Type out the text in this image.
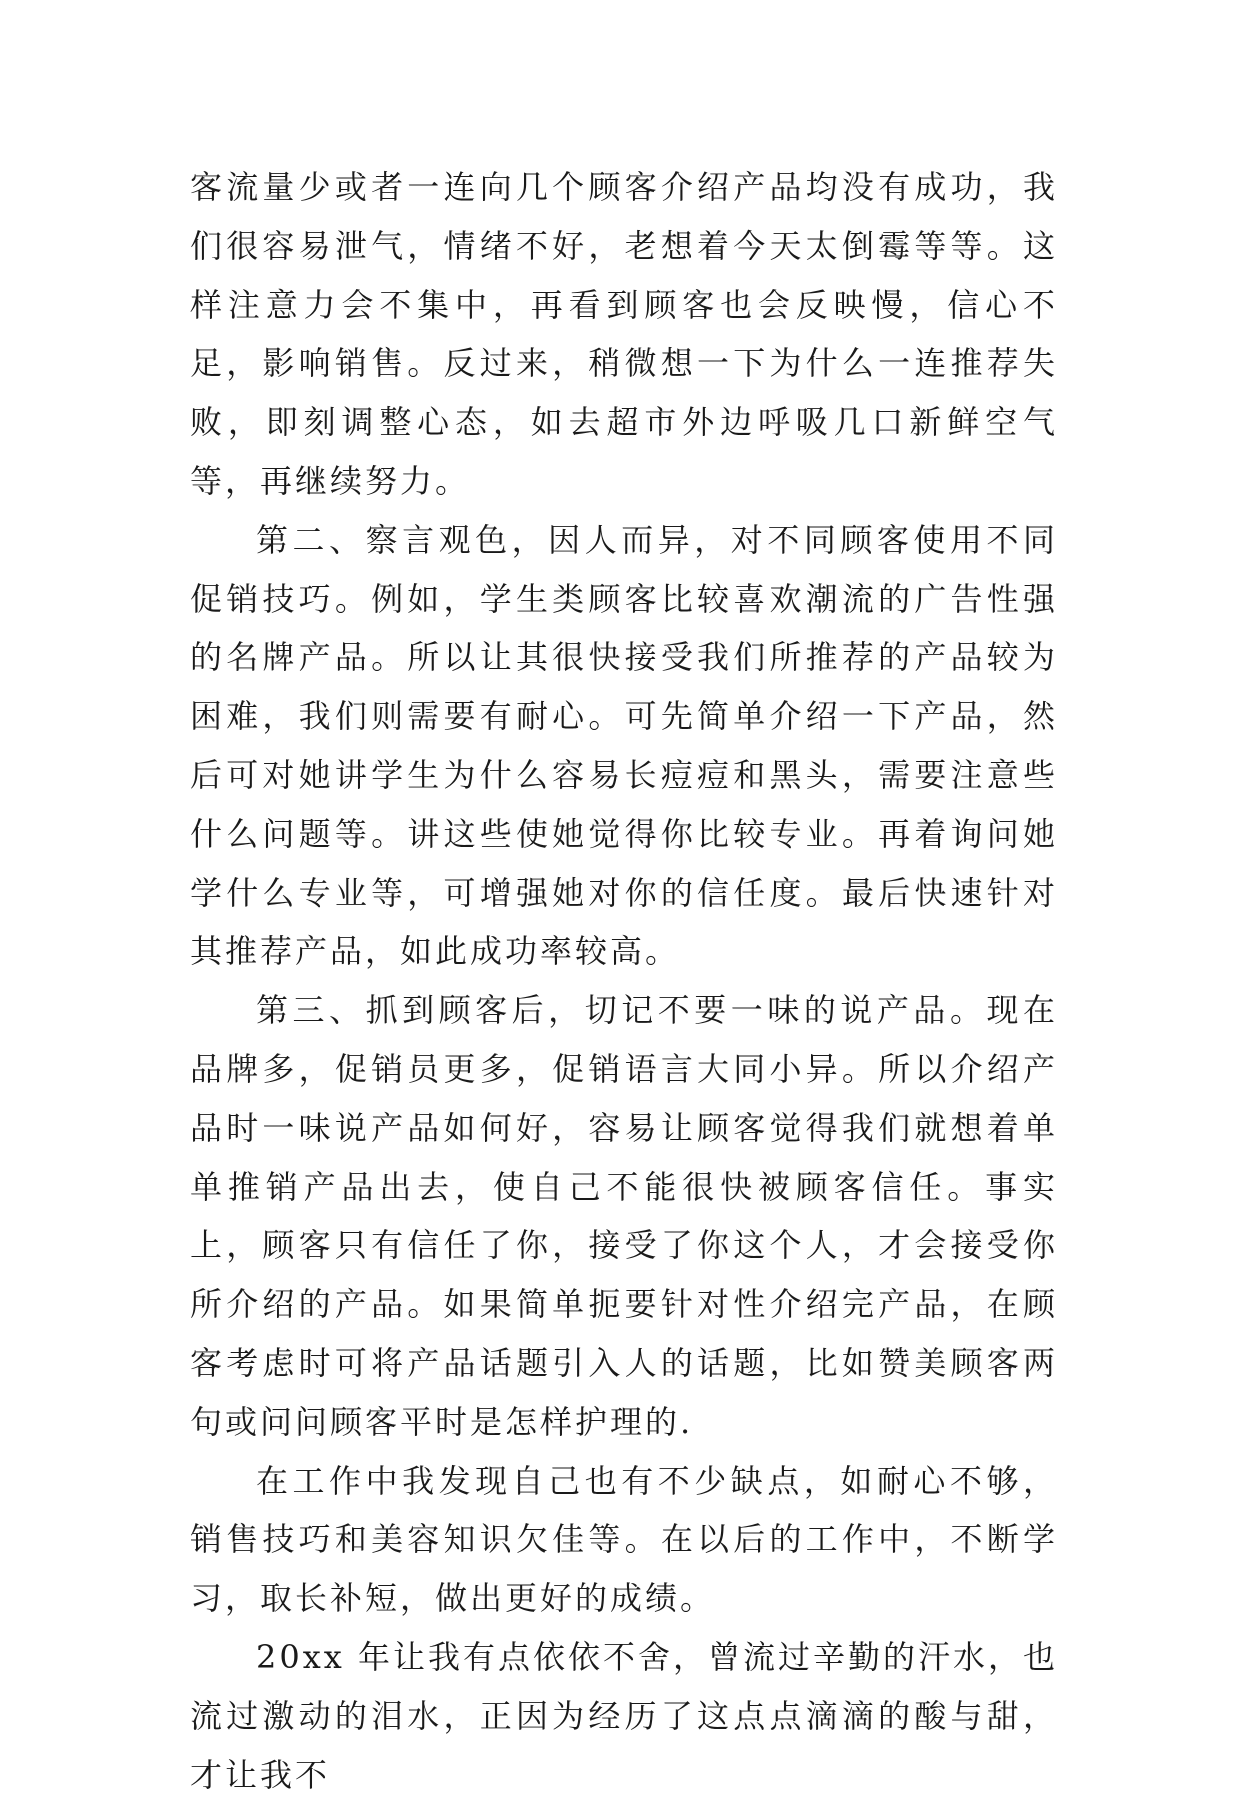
客流量少或者一连向几个顾客介绍产品均没有成功，我们很容易泄气，情绪不好，老想着今天太倒霉等等。这样注意力会不集中，再看到顾客也会反映慢，信心不足，影响销售。反过来，稍微想一下为什么一连推荐失败，即刻调整心态，如去超市外边呼吸几口新鲜空气等，再继续努力。

第二、察言观色，因人而异，对不同顾客使用不同促销技巧。例如，学生类顾客比较喜欢潮流的广告性强的名牌产品。所以让其很快接受我们所推荐的产品较为困难，我们则需要有耐心。可先简单介绍一下产品，然后可对她讲学生为什么容易长痘痘和黑头，需要注意些什么问题等。讲这些使她觉得你比较专业。再着询问她学什么专业等，可增强她对你的信任度。最后快速针对其推荐产品，如此成功率较高。

第三、抓到顾客后，切记不要一味的说产品。现在品牌多，促销员更多，促销语言大同小异。所以介绍产品时一味说产品如何好，容易让顾客觉得我们就想着单单推销产品出去，使自己不能很快被顾客信任。事实上，顾客只有信任了你，接受了你这个人，才会接受你所介绍的产品。如果简单扼要针对性介绍完产品，在顾客考虑时可将产品话题引入人的话题，比如赞美顾客两句或问问顾客平时是怎样护理的.

在工作中我发现自己也有不少缺点，如耐心不够，销售技巧和美容知识欠佳等。在以后的工作中，不断学习，取长补短，做出更好的成绩。

20xx 年让我有点依依不舍，曾流过辛勤的汗水，也流过激动的泪水，正因为经历了这点点滴滴的酸与甜，才让我不
